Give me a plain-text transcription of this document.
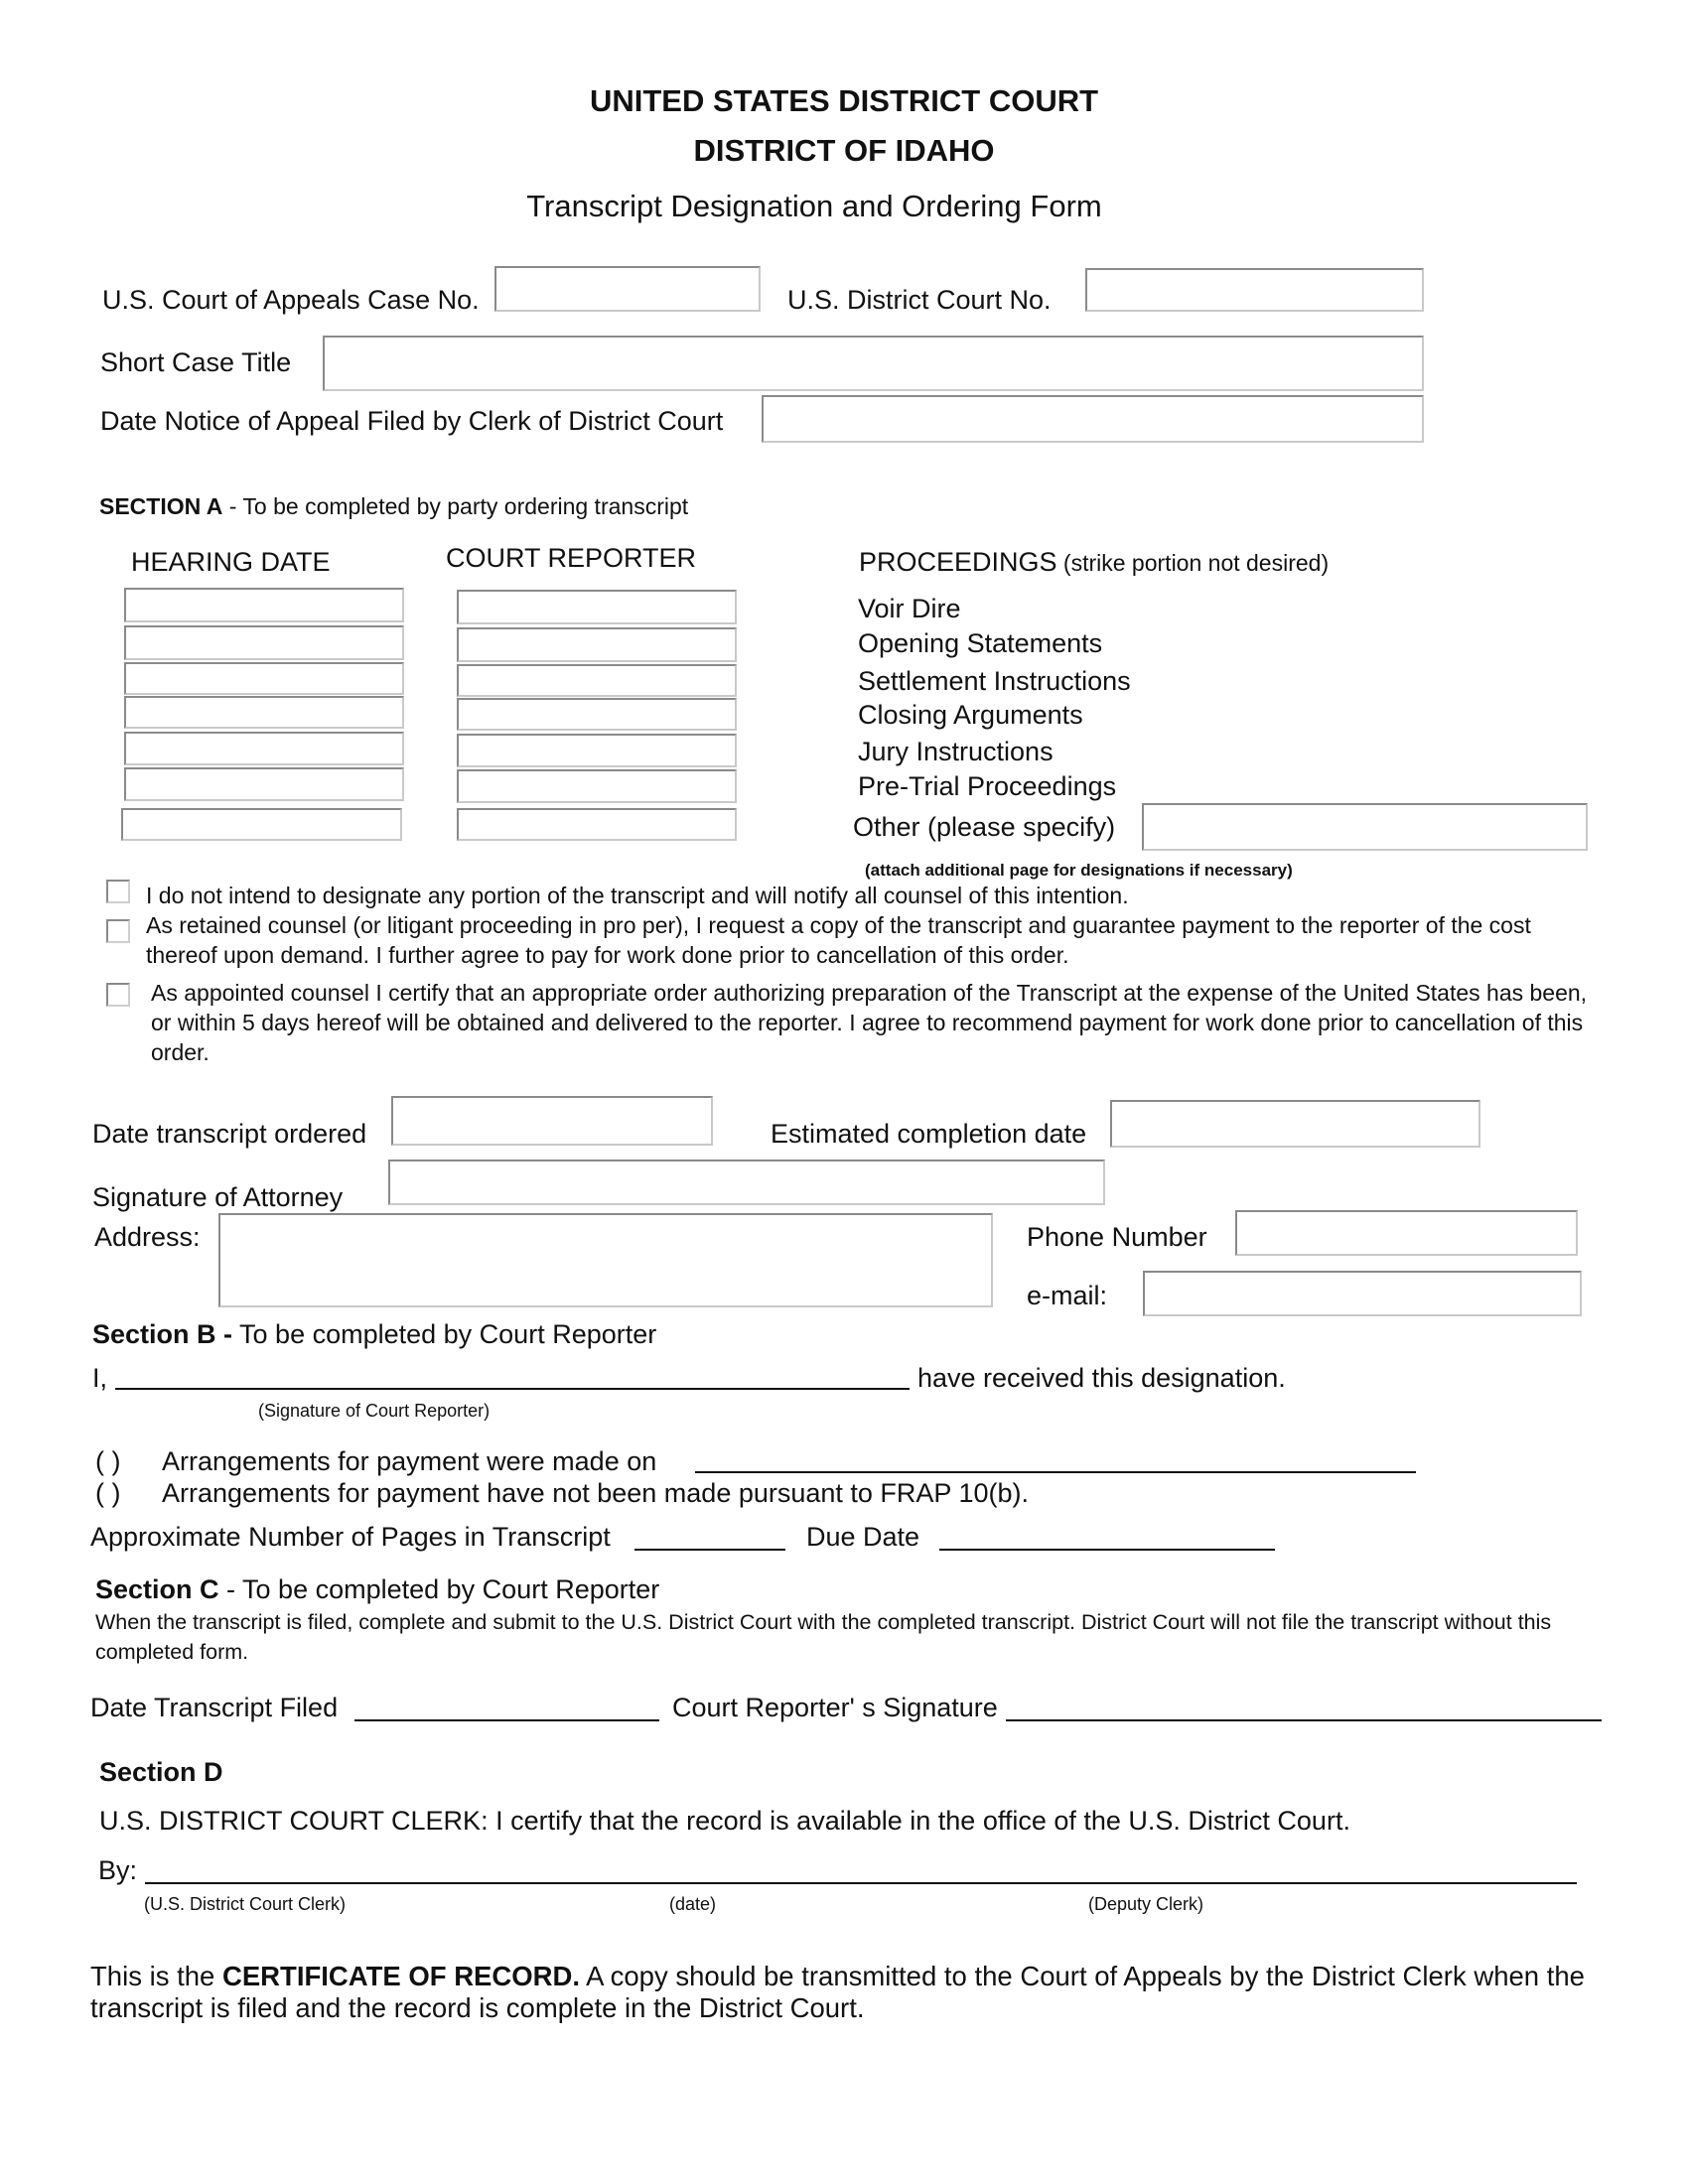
UNITED STATES DISTRICT COURT
DISTRICT OF IDAHO
Transcript Designation and Ordering Form
U.S. Court of Appeals Case No.	U.S. District Court No.
Short Case Title
Date Notice of Appeal Filed by Clerk of District Court
SECTION A - To be completed by party ordering transcript
HEARING DATE	COURT REPORTER	PROCEEDINGS (strike portion not desired)
Voir Dire
Opening Statements
Settlement Instructions
Closing Arguments
Jury Instructions
Pre-Trial Proceedings
Other (please specify)
(attach additional page for designations if necessary)
I do not intend to designate any portion of the transcript and will notify all counsel of this intention.
As retained counsel (or litigant proceeding in pro per), I request a copy of the transcript and guarantee payment to the reporter of the cost thereof upon demand. I further agree to pay for work done prior to cancellation of this order.
As appointed counsel I certify that an appropriate order authorizing preparation of the Transcript at the expense of the United States has been, or within 5 days hereof will be obtained and delivered to the reporter. I agree to recommend payment for work done prior to cancellation of this order.
Date transcript ordered	Estimated completion date
Signature of Attorney
Address:	Phone Number
e-mail:
Section B - To be completed by Court Reporter
I,	have received this designation.
(Signature of Court Reporter)
( ) Arrangements for payment were made on
( ) Arrangements for payment have not been made pursuant to FRAP 10(b).
Approximate Number of Pages in Transcript	Due Date
Section C - To be completed by Court Reporter
When the transcript is filed, complete and submit to the U.S. District Court with the completed transcript. District Court will not file the transcript without this completed form.
Date Transcript Filed	Court Reporter' s Signature
Section D
U.S. DISTRICT COURT CLERK: I certify that the record is available in the office of the U.S. District Court.
By:
(U.S. District Court Clerk)	(date)	(Deputy Clerk)
This is the CERTIFICATE OF RECORD. A copy should be transmitted to the Court of Appeals by the District Clerk when the transcript is filed and the record is complete in the District Court.
